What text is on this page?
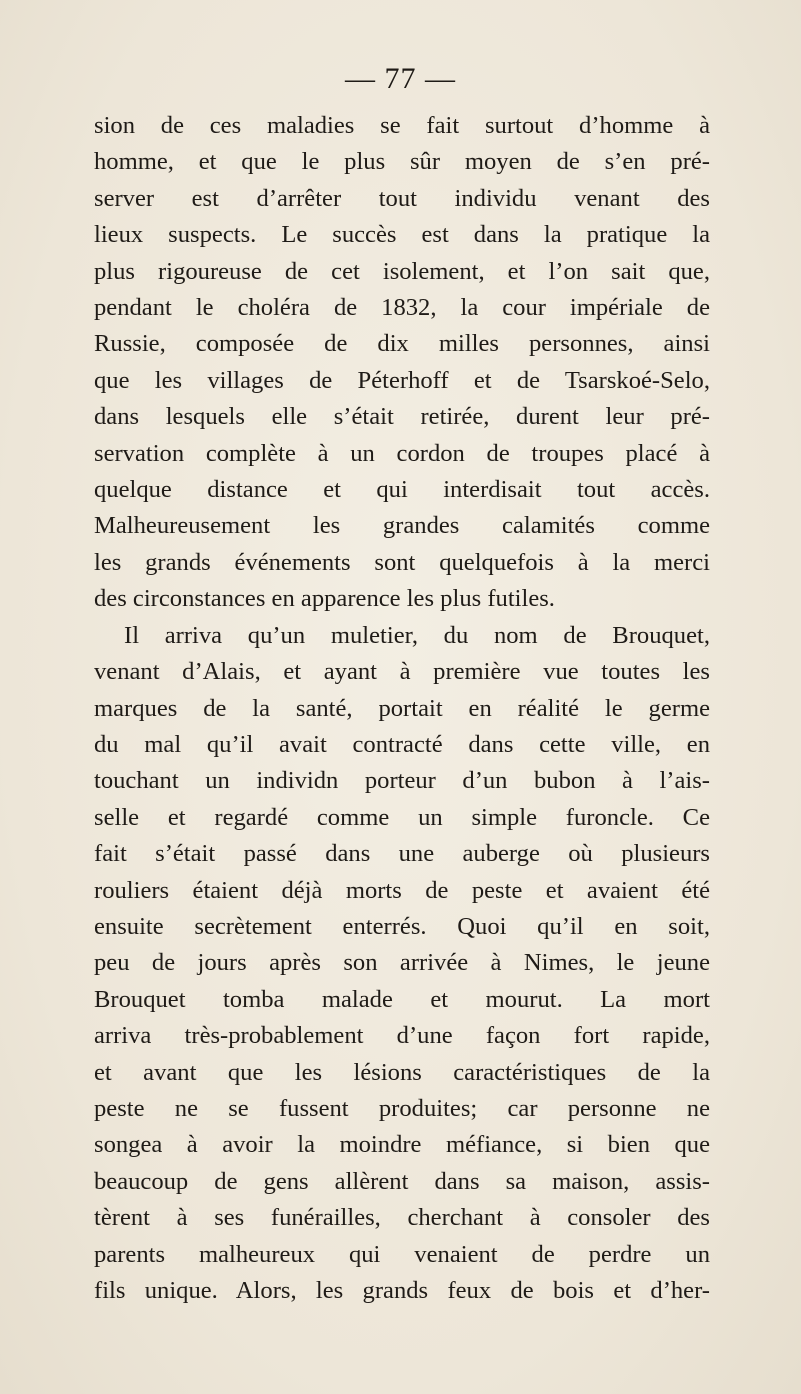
— 77 —
sion de ces maladies se fait surtout d’homme à
homme, et que le plus sûr moyen de s’en pré-
server est d’arrêter tout individu venant des
lieux suspects. Le succès est dans la pratique la
plus rigoureuse de cet isolement, et l’on sait que,
pendant le choléra de 1832, la cour impériale de
Russie, composée de dix milles personnes, ainsi
que les villages de Péterhoff et de Tsarskoé-Selo,
dans lesquels elle s’était retirée, durent leur pré-
servation complète à un cordon de troupes placé à
quelque distance et qui interdisait tout accès.
Malheureusement les grandes calamités comme
les grands événements sont quelquefois à la merci
des circonstances en apparence les plus futiles.
Il arriva qu’un muletier, du nom de Brouquet,
venant d’Alais, et ayant à première vue toutes les
marques de la santé, portait en réalité le germe
du mal qu’il avait contracté dans cette ville, en
touchant un individn porteur d’un bubon à l’ais-
selle et regardé comme un simple furoncle. Ce
fait s’était passé dans une auberge où plusieurs
rouliers étaient déjà morts de peste et avaient été
ensuite secrètement enterrés. Quoi qu’il en soit,
peu de jours après son arrivée à Nimes, le jeune
Brouquet tomba malade et mourut. La mort
arriva très-probablement d’une façon fort rapide,
et avant que les lésions caractéristiques de la
peste ne se fussent produites; car personne ne
songea à avoir la moindre méfiance, si bien que
beaucoup de gens allèrent dans sa maison, assis-
tèrent à ses funérailles, cherchant à consoler des
parents malheureux qui venaient de perdre un
fils unique. Alors, les grands feux de bois et d’her-
